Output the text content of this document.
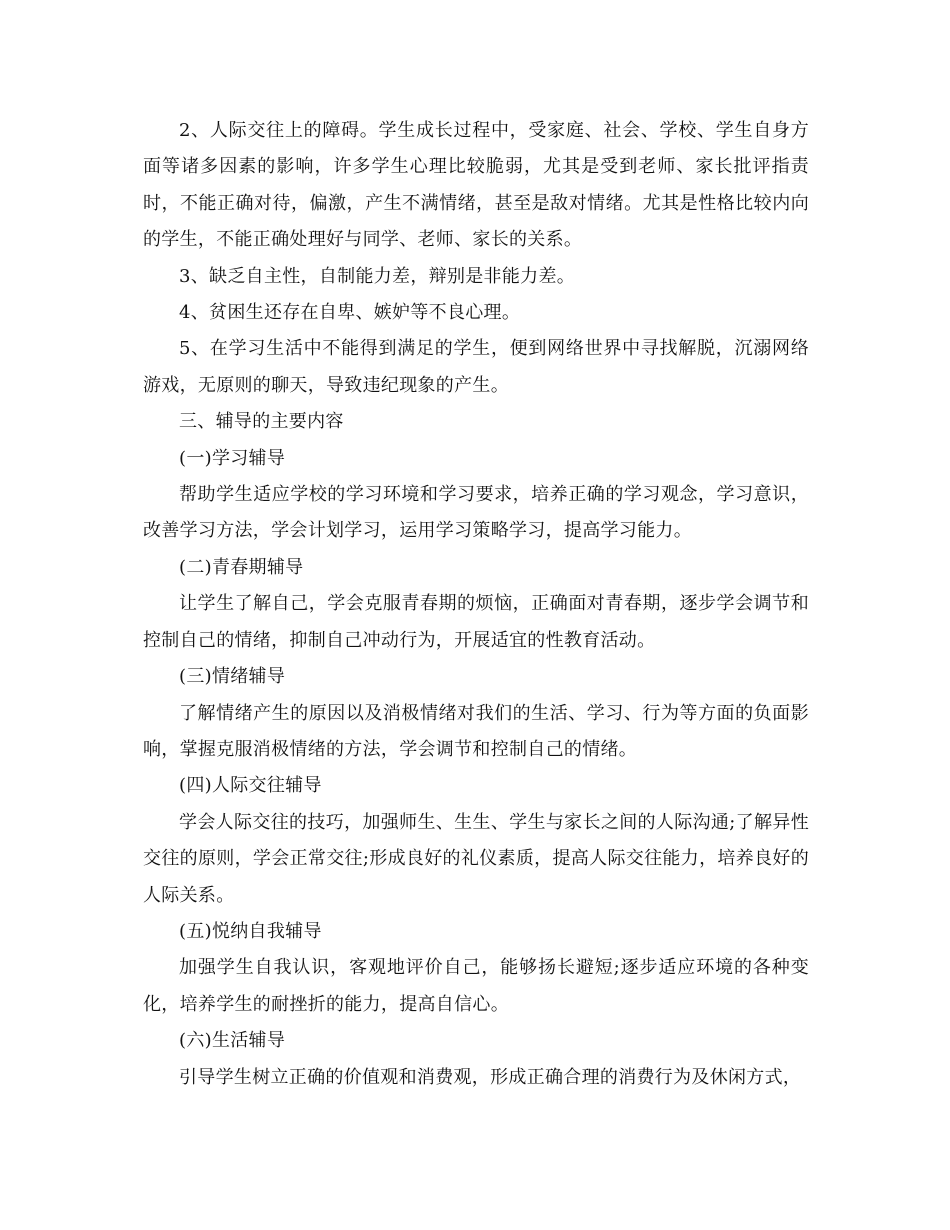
2、人际交往上的障碍。学生成长过程中，受家庭、社会、学校、学生自身方面等诸多因素的影响，许多学生心理比较脆弱，尤其是受到老师、家长批评指责时，不能正确对待，偏激，产生不满情绪，甚至是敌对情绪。尤其是性格比较内向的学生，不能正确处理好与同学、老师、家长的关系。

3、缺乏自主性，自制能力差，辩别是非能力差。

4、贫困生还存在自卑、嫉妒等不良心理。

5、在学习生活中不能得到满足的学生，便到网络世界中寻找解脱，沉溺网络游戏，无原则的聊天，导致违纪现象的产生。

三、辅导的主要内容

(一)学习辅导

帮助学生适应学校的学习环境和学习要求，培养正确的学习观念，学习意识，改善学习方法，学会计划学习，运用学习策略学习，提高学习能力。

(二)青春期辅导

让学生了解自己，学会克服青春期的烦恼，正确面对青春期，逐步学会调节和控制自己的情绪，抑制自己冲动行为，开展适宜的性教育活动。

(三)情绪辅导

了解情绪产生的原因以及消极情绪对我们的生活、学习、行为等方面的负面影响，掌握克服消极情绪的方法，学会调节和控制自己的情绪。

(四)人际交往辅导

学会人际交往的技巧，加强师生、生生、学生与家长之间的人际沟通;了解异性交往的原则，学会正常交往;形成良好的礼仪素质，提高人际交往能力，培养良好的人际关系。

(五)悦纳自我辅导

加强学生自我认识，客观地评价自己，能够扬长避短;逐步适应环境的各种变化，培养学生的耐挫折的能力，提高自信心。

(六)生活辅导

引导学生树立正确的价值观和消费观，形成正确合理的消费行为及休闲方式，
